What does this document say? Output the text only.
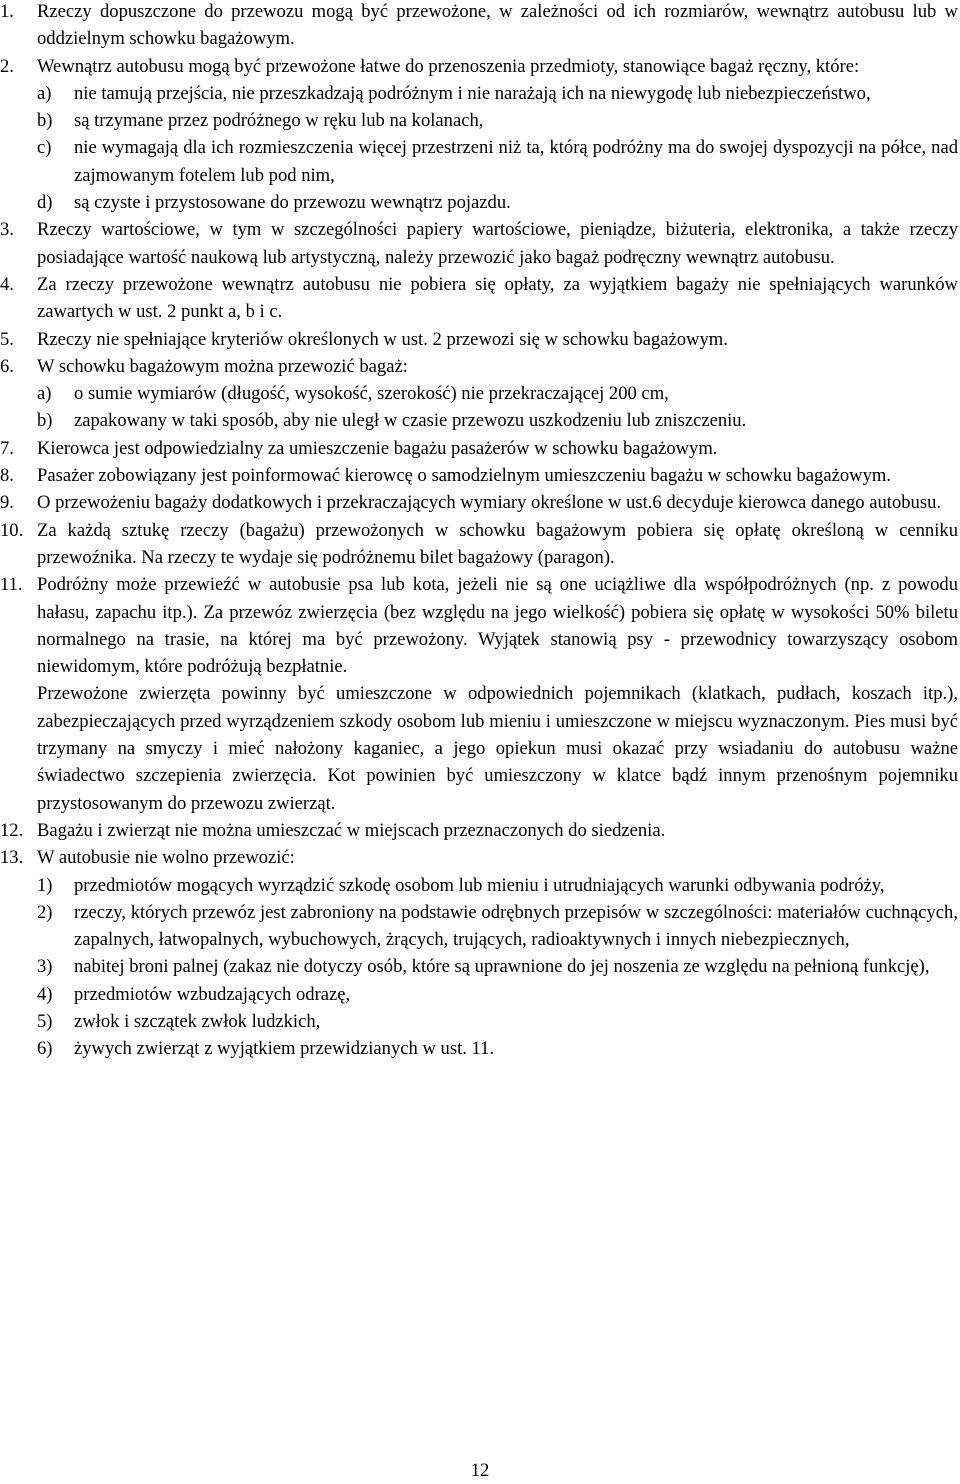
1. Rzeczy dopuszczone do przewozu mogą być przewożone, w zależności od ich rozmiarów, wewnątrz autobusu lub w oddzielnym schowku bagażowym.

2. Wewnątrz autobusu mogą być przewożone łatwe do przenoszenia przedmioty, stanowiące bagaż ręczny, które:

a) nie tamują przejścia, nie przeszkadzają podróżnym i nie narażają ich na niewygodę lub niebezpieczeństwo,
b) są trzymane przez podróżnego w ręku lub na kolanach,
c) nie wymagają dla ich rozmieszczenia więcej przestrzeni niż ta, którą podróżny ma do swojej dyspozycji na półce, nad zajmowanym fotelem lub pod nim,
d) są czyste i przystosowane do przewozu wewnątrz pojazdu.
3. Rzeczy wartościowe, w tym w szczególności papiery wartościowe, pieniądze, biżuteria, elektronika, a także rzeczy posiadające wartość naukową lub artystyczną, należy przewozić jako bagaż podręczny wewnątrz autobusu.

4. Za rzeczy przewożone wewnątrz autobusu nie pobiera się opłaty, za wyjątkiem bagaży nie spełniających warunków zawartych w ust. 2 punkt a, b i c.

5. Rzeczy nie spełniające kryteriów określonych w ust. 2 przewozi się w schowku bagażowym.

6. W schowku bagażowym można przewozić bagaż:

a) o sumie wymiarów (długość, wysokość, szerokość) nie przekraczającej 200 cm,
b) zapakowany w taki sposób, aby nie uległ w czasie przewozu uszkodzeniu lub zniszczeniu.
7. Kierowca jest odpowiedzialny za umieszczenie bagażu pasażerów w schowku bagażowym.

8. Pasażer zobowiązany jest poinformować kierowcę o samodzielnym umieszczeniu bagażu w schowku bagażowym.

9. O przewożeniu bagaży dodatkowych i przekraczających wymiary określone w ust.6 decyduje kierowca danego autobusu.

10. Za każdą sztukę rzeczy (bagażu) przewożonych w schowku bagażowym pobiera się opłatę określoną w cenniku przewoźnika. Na rzeczy te wydaje się podróżnemu bilet bagażowy (paragon).

11. Podróżny może przewieźć w autobusie psa lub kota, jeżeli nie są one uciążliwe dla współpodróżnych (np. z powodu hałasu, zapachu itp.). Za przewóz zwierzęcia (bez względu na jego wielkość) pobiera się opłatę w wysokości 50% biletu normalnego na trasie, na której ma być przewożony. Wyjątek stanowią psy - przewodnicy towarzyszący osobom niewidomym, które podróżują bezpłatnie.

Przewożone zwierzęta powinny być umieszczone w odpowiednich pojemnikach (klatkach, pudłach, koszach itp.), zabezpieczających przed wyrządzeniem szkody osobom lub mieniu i umieszczone w miejscu wyznaczonym. Pies musi być trzymany na smyczy i mieć nałożony kaganiec, a jego opiekun musi okazać przy wsiadaniu do autobusu ważne świadectwo szczepienia zwierzęcia. Kot powinien być umieszczony w klatce bądź innym przenośnym pojemniku przystosowanym do przewozu zwierząt.

12. Bagażu i zwierząt nie można umieszczać w miejscach przeznaczonych do siedzenia.

13. W autobusie nie wolno przewozić:

1) przedmiotów mogących wyrządzić szkodę osobom lub mieniu i utrudniających warunki odbywania podróży,
2) rzeczy, których przewóz jest zabroniony na podstawie odrębnych przepisów w szczególności: materiałów cuchnących, zapalnych, łatwopalnych, wybuchowych, żrących, trujących, radioaktywnych i innych niebezpiecznych,
3) nabitej broni palnej (zakaz nie dotyczy osób, które są uprawnione do jej noszenia ze względu na pełnioną funkcję),
4) przedmiotów wzbudzających odrazę,
5) zwłok i szczątek zwłok ludzkich,
6) żywych zwierząt z wyjątkiem przewidzianych w ust. 11.
12
